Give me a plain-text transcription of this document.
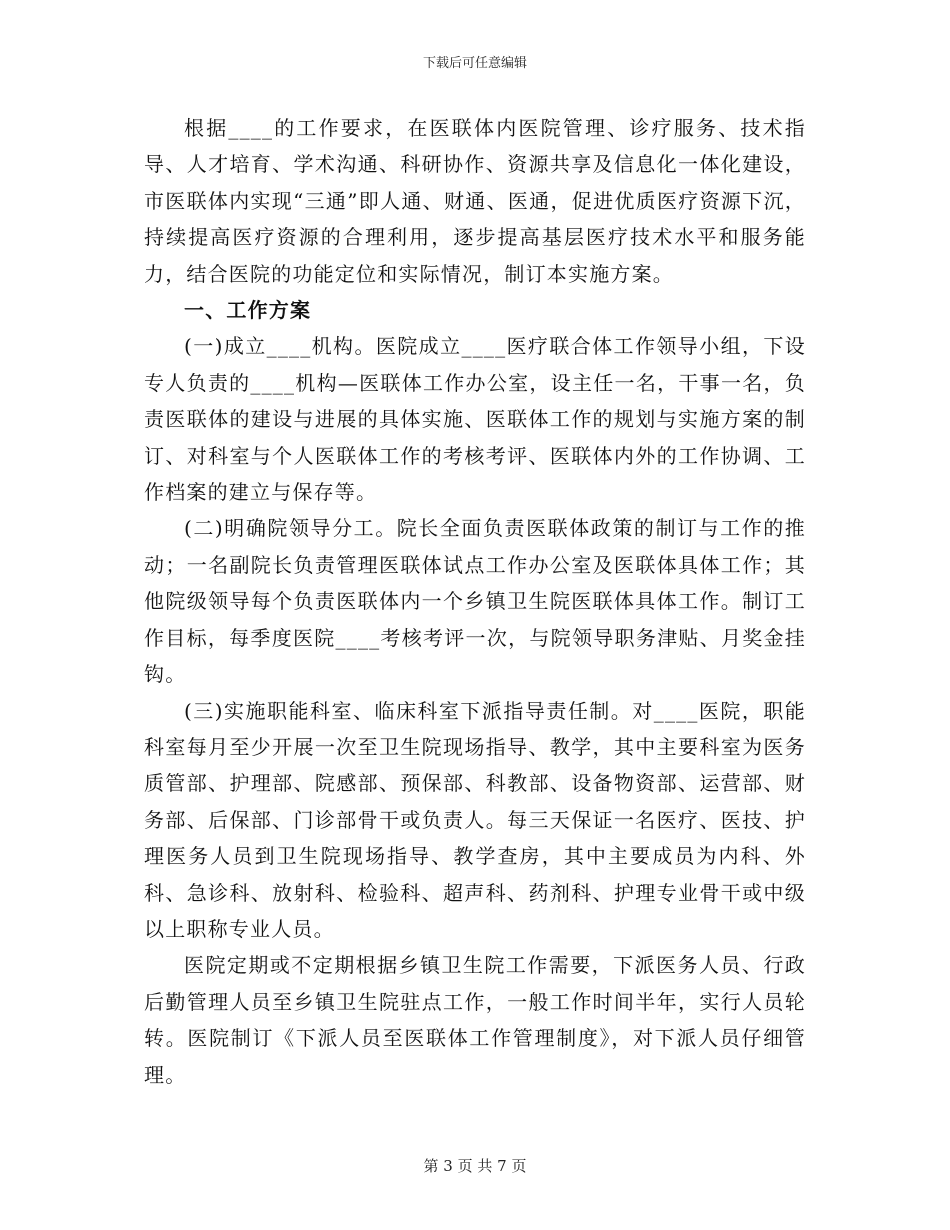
下载后可任意编辑

根据____的工作要求，在医联体内医院管理、诊疗服务、技术指导、人才培育、学术沟通、科研协作、资源共享及信息化一体化建设，市医联体内实现“三通”即人通、财通、医通，促进优质医疗资源下沉，持续提高医疗资源的合理利用，逐步提高基层医疗技术水平和服务能力，结合医院的功能定位和实际情况，制订本实施方案。

一、工作方案

(一)成立____机构。医院成立____医疗联合体工作领导小组，下设专人负责的____机构—医联体工作办公室，设主任一名，干事一名，负责医联体的建设与进展的具体实施、医联体工作的规划与实施方案的制订、对科室与个人医联体工作的考核考评、医联体内外的工作协调、工作档案的建立与保存等。

(二)明确院领导分工。院长全面负责医联体政策的制订与工作的推动；一名副院长负责管理医联体试点工作办公室及医联体具体工作；其他院级领导每个负责医联体内一个乡镇卫生院医联体具体工作。制订工作目标，每季度医院____考核考评一次，与院领导职务津贴、月奖金挂钩。

(三)实施职能科室、临床科室下派指导责任制。对____医院，职能科室每月至少开展一次至卫生院现场指导、教学，其中主要科室为医务质管部、护理部、院感部、预保部、科教部、设备物资部、运营部、财务部、后保部、门诊部骨干或负责人。每三天保证一名医疗、医技、护理医务人员到卫生院现场指导、教学查房，其中主要成员为内科、外科、急诊科、放射科、检验科、超声科、药剂科、护理专业骨干或中级以上职称专业人员。

医院定期或不定期根据乡镇卫生院工作需要，下派医务人员、行政后勤管理人员至乡镇卫生院驻点工作，一般工作时间半年，实行人员轮转。医院制订《下派人员至医联体工作管理制度》，对下派人员仔细管理。

第 3 页 共 7 页
